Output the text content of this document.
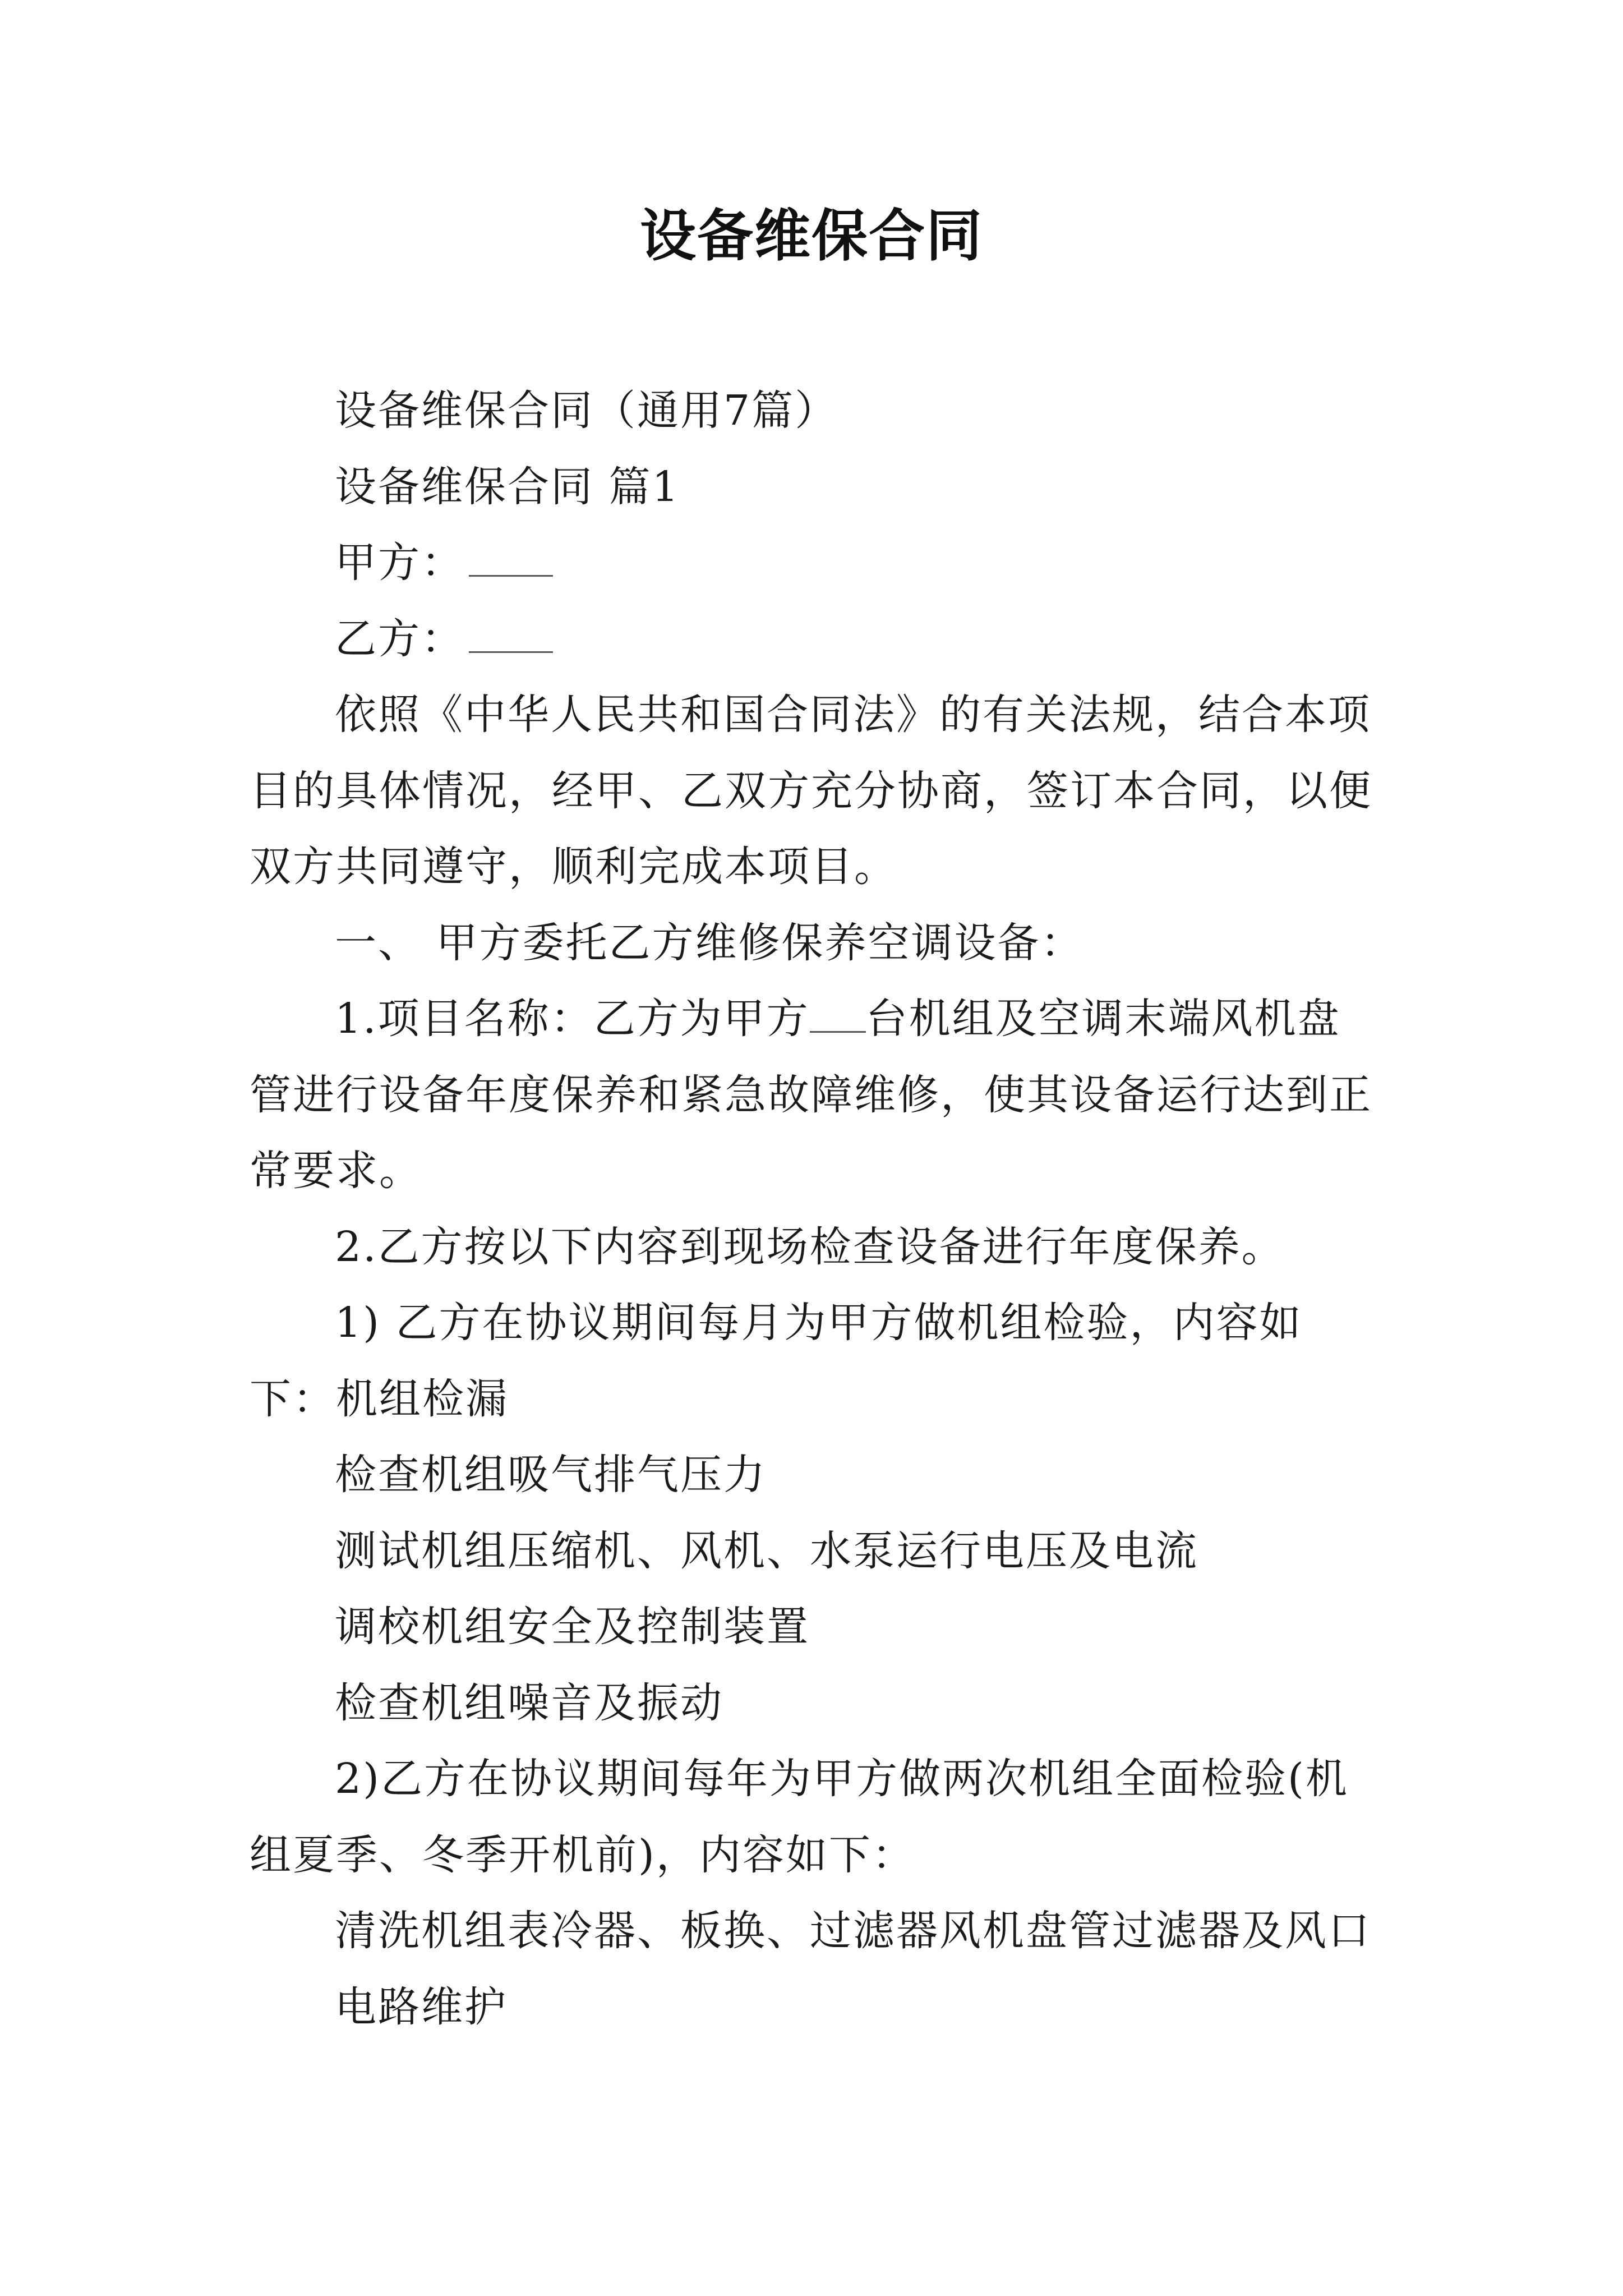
设备维保合同

设备维保合同（通用7篇）

设备维保合同 篇1

甲方：

乙方：

依照《中华人民共和国合同法》的有关法规，结合本项目的具体情况，经甲、乙双方充分协商，签订本合同，以便双方共同遵守，顺利完成本项目。

一、 甲方委托乙方维修保养空调设备：

1.项目名称：乙方为甲方 台机组及空调末端风机盘管进行设备年度保养和紧急故障维修，使其设备运行达到正常要求。

2.乙方按以下内容到现场检查设备进行年度保养。

1) 乙方在协议期间每月为甲方做机组检验，内容如下：机组检漏

检查机组吸气排气压力

测试机组压缩机、风机、水泵运行电压及电流

调校机组安全及控制装置

检查机组噪音及振动

2)乙方在协议期间每年为甲方做两次机组全面检验(机组夏季、冬季开机前)，内容如下：

清洗机组表冷器、板换、过滤器风机盘管过滤器及风口

电路维护
